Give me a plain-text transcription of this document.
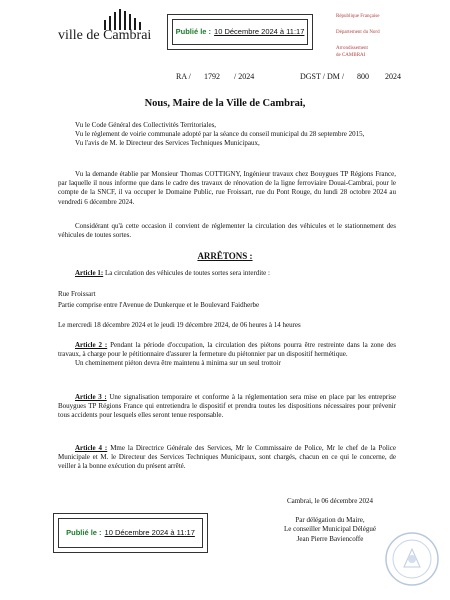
ville de Cambrai	Publié le : 10 Décembre 2024 à 11:17
République Française
Département du Nord
Arrondissement
de CAMBRAI
RA / 1792 / 2024	DGST / DM / 800 2024
Nous, Maire de la Ville de Cambrai,

Vu le Code Général des Collectivités Territoriales,

Vu le règlement de voirie communale adopté par la séance du conseil municipal du 28 septembre 2015,

Vu l'avis de M. le Directeur des Services Techniques Municipaux,

Vu la demande établie par Monsieur Thomas COTTIGNY, Ingénieur travaux chez Bouygues TP Régions France, par laquelle il nous informe que dans le cadre des travaux de rénovation de la ligne ferroviaire Douai-Cambrai, pour le compte de la SNCF, il va occuper le Domaine Public, rue Froissart, rue du Pont Rouge, du lundi 28 octobre 2024 au vendredi 6 décembre 2024.

Considérant qu'à cette occasion il convient de réglementer la circulation des véhicules et le stationnement des véhicules de toutes sortes.

ARRÊTONS :

Article 1: La circulation des véhicules de toutes sortes sera interdite :

Rue Froissart
Partie comprise entre l'Avenue de Dunkerque et le Boulevard Faidherbe
Le mercredi 18 décembre 2024 et le jeudi 19 décembre 2024, de 06 heures à 14 heures

Article 2 : Pendant la période d'occupation, la circulation des piétons pourra être restreinte dans la zone des travaux, à charge pour le pétitionnaire d'assurer la fermeture du piétonnier par un dispositif hermétique.

Un cheminement piéton devra être maintenu à minima sur un seul trottoir

Article 3 : Une signalisation temporaire et conforme à la réglementation sera mise en place par les entreprise Bouygues TP Régions France qui entretiendra le dispositif et prendra toutes les dispositions nécessaires pour prévenir tous accidents pour lesquels elles seront tenue responsable.

Article 4 : Mme la Directrice Générale des Services, Mr le Commissaire de Police, Mr le chef de la Police Municipale et M. le Directeur des Services Techniques Municipaux, sont chargés, chacun en ce qui le concerne, de veiller à la bonne exécution du présent arrêté.

Cambrai, le 06 décembre 2024
Par délégation du Maire,
Le conseiller Municipal Délégué
Jean Pierre Baviencoffe
Publié le : 10 Décembre 2024 à 11:17
